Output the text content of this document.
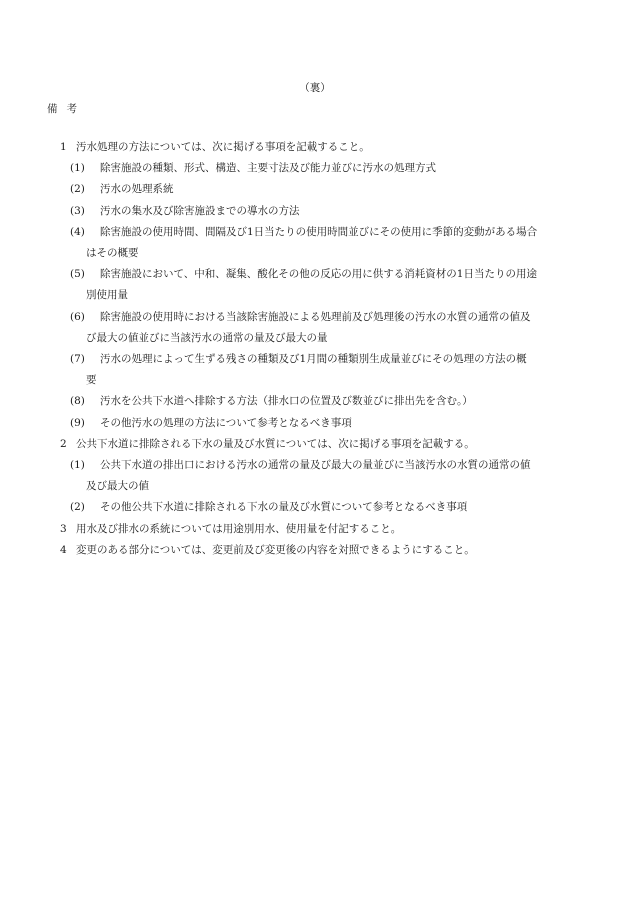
（裏）
備考
1 汚水処理の方法については、次に掲げる事項を記載すること。
(1) 除害施設の種類、形式、構造、主要寸法及び能力並びに汚水の処理方式
(2) 汚水の処理系統
(3) 汚水の集水及び除害施設までの導水の方法
(4) 除害施設の使用時間、間隔及び1日当たりの使用時間並びにその使用に季節的変動がある場合
はその概要
(5) 除害施設において、中和、凝集、酸化その他の反応の用に供する消耗資材の1日当たりの用途
別使用量
(6) 除害施設の使用時における当該除害施設による処理前及び処理後の汚水の水質の通常の値及
び最大の値並びに当該汚水の通常の量及び最大の量
(7) 汚水の処理によって生ずる残さの種類及び1月間の種類別生成量並びにその処理の方法の概
要
(8) 汚水を公共下水道へ排除する方法（排水口の位置及び数並びに排出先を含む。）
(9) その他汚水の処理の方法について参考となるべき事項
2 公共下水道に排除される下水の量及び水質については、次に掲げる事項を記載する。
(1) 公共下水道の排出口における汚水の通常の量及び最大の量並びに当該汚水の水質の通常の値
及び最大の値
(2) その他公共下水道に排除される下水の量及び水質について参考となるべき事項
3 用水及び排水の系統については用途別用水、使用量を付記すること。
4 変更のある部分については、変更前及び変更後の内容を対照できるようにすること。
